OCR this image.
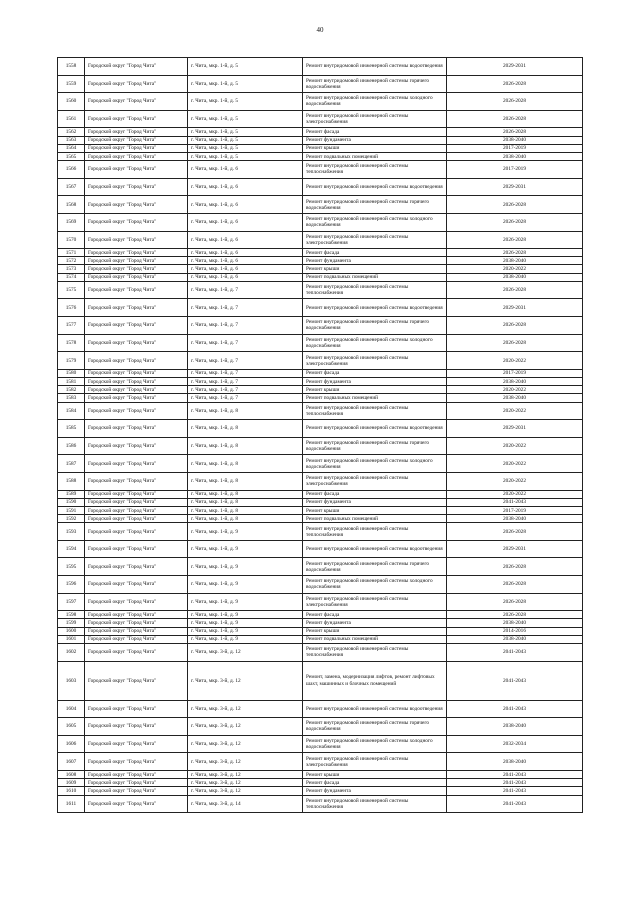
40
1558	Городской округ "Город Чита"	г. Чита, мкр. 1-й, д. 5	Ремонт внутридомовой инженерной системы водоотведения	2029-2031
1559	Городской округ "Город Чита"	г. Чита, мкр. 1-й, д. 5	Ремонт внутридомовой инженерной системы горячего водоснабжения	2026-2028
1560	Городской округ "Город Чита"	г. Чита, мкр. 1-й, д. 5	Ремонт внутридомовой инженерной системы холодного водоснабжения	2026-2028
1561	Городской округ "Город Чита"	г. Чита, мкр. 1-й, д. 5	Ремонт внутридомовой инженерной системы электроснабжения	2026-2028
1562	Городской округ "Город Чита"	г. Чита, мкр. 1-й, д. 5	Ремонт фасада	2026-2028
1563	Городской округ "Город Чита"	г. Чита, мкр. 1-й, д. 5	Ремонт фундамента	2038-2040
1564	Городской округ "Город Чита"	г. Чита, мкр. 1-й, д. 5	Ремонт крыши	2017-2019
1565	Городской округ "Город Чита"	г. Чита, мкр. 1-й, д. 5	Ремонт подвальных помещений	2038-2040
1566	Городской округ "Город Чита"	г. Чита, мкр. 1-й, д. 6	Ремонт внутридомовой инженерной системы теплоснабжения	2017-2019
1567	Городской округ "Город Чита"	г. Чита, мкр. 1-й, д. 6	Ремонт внутридомовой инженерной системы водоотведения	2029-2031
1568	Городской округ "Город Чита"	г. Чита, мкр. 1-й, д. 6	Ремонт внутридомовой инженерной системы горячего водоснабжения	2026-2028
1569	Городской округ "Город Чита"	г. Чита, мкр. 1-й, д. 6	Ремонт внутридомовой инженерной системы холодного водоснабжения	2026-2028
1570	Городской округ "Город Чита"	г. Чита, мкр. 1-й, д. 6	Ремонт внутридомовой инженерной системы электроснабжения	2026-2028
1571	Городской округ "Город Чита"	г. Чита, мкр. 1-й, д. 6	Ремонт фасада	2026-2028
1572	Городской округ "Город Чита"	г. Чита, мкр. 1-й, д. 6	Ремонт фундамента	2038-2040
1573	Городской округ "Город Чита"	г. Чита, мкр. 1-й, д. 6	Ремонт крыши	2020-2022
1574	Городской округ "Город Чита"	г. Чита, мкр. 1-й, д. 6	Ремонт подвальных помещений	2038-2040
1575	Городской округ "Город Чита"	г. Чита, мкр. 1-й, д. 7	Ремонт внутридомовой инженерной системы теплоснабжения	2026-2028
1576	Городской округ "Город Чита"	г. Чита, мкр. 1-й, д. 7	Ремонт внутридомовой инженерной системы водоотведения	2029-2031
1577	Городской округ "Город Чита"	г. Чита, мкр. 1-й, д. 7	Ремонт внутридомовой инженерной системы горячего водоснабжения	2026-2028
1578	Городской округ "Город Чита"	г. Чита, мкр. 1-й, д. 7	Ремонт внутридомовой инженерной системы холодного водоснабжения	2026-2028
1579	Городской округ "Город Чита"	г. Чита, мкр. 1-й, д. 7	Ремонт внутридомовой инженерной системы электроснабжения	2020-2022
1580	Городской округ "Город Чита"	г. Чита, мкр. 1-й, д. 7	Ремонт фасада	2017-2019
1581	Городской округ "Город Чита"	г. Чита, мкр. 1-й, д. 7	Ремонт фундамента	2038-2040
1582	Городской округ "Город Чита"	г. Чита, мкр. 1-й, д. 7	Ремонт крыши	2020-2022
1583	Городской округ "Город Чита"	г. Чита, мкр. 1-й, д. 7	Ремонт подвальных помещений	2038-2040
1584	Городской округ "Город Чита"	г. Чита, мкр. 1-й, д. 8	Ремонт внутридомовой инженерной системы теплоснабжения	2020-2022
1585	Городской округ "Город Чита"	г. Чита, мкр. 1-й, д. 8	Ремонт внутридомовой инженерной системы водоотведения	2029-2031
1586	Городской округ "Город Чита"	г. Чита, мкр. 1-й, д. 8	Ремонт внутридомовой инженерной системы горячего водоснабжения	2020-2022
1587	Городской округ "Город Чита"	г. Чита, мкр. 1-й, д. 8	Ремонт внутридомовой инженерной системы холодного водоснабжения	2020-2022
1588	Городской округ "Город Чита"	г. Чита, мкр. 1-й, д. 8	Ремонт внутридомовой инженерной системы электроснабжения	2020-2022
1589	Городской округ "Город Чита"	г. Чита, мкр. 1-й, д. 8	Ремонт фасада	2020-2022
1590	Городской округ "Город Чита"	г. Чита, мкр. 1-й, д. 8	Ремонт фундамента	2041-2043
1591	Городской округ "Город Чита"	г. Чита, мкр. 1-й, д. 8	Ремонт крыши	2017-2019
1592	Городской округ "Город Чита"	г. Чита, мкр. 1-й, д. 8	Ремонт подвальных помещений	2038-2040
1593	Городской округ "Город Чита"	г. Чита, мкр. 1-й, д. 9	Ремонт внутридомовой инженерной системы теплоснабжения	2026-2028
1594	Городской округ "Город Чита"	г. Чита, мкр. 1-й, д. 9	Ремонт внутридомовой инженерной системы водоотведения	2029-2031
1595	Городской округ "Город Чита"	г. Чита, мкр. 1-й, д. 9	Ремонт внутридомовой инженерной системы горячего водоснабжения	2026-2028
1596	Городской округ "Город Чита"	г. Чита, мкр. 1-й, д. 9	Ремонт внутридомовой инженерной системы холодного водоснабжения	2026-2028
1597	Городской округ "Город Чита"	г. Чита, мкр. 1-й, д. 9	Ремонт внутридомовой инженерной системы электроснабжения	2026-2028
1598	Городской округ "Город Чита"	г. Чита, мкр. 1-й, д. 9	Ремонт фасада	2026-2028
1599	Городской округ "Город Чита"	г. Чита, мкр. 1-й, д. 9	Ремонт фундамента	2038-2040
1600	Городской округ "Город Чита"	г. Чита, мкр. 1-й, д. 9	Ремонт крыши	2014-2016
1601	Городской округ "Город Чита"	г. Чита, мкр. 1-й, д. 9	Ремонт подвальных помещений	2038-2040
1602	Городской округ "Город Чита"	г. Чита, мкр. 3-й, д. 12	Ремонт внутридомовой инженерной системы теплоснабжения	2041-2043
1603	Городской округ "Город Чита"	г. Чита, мкр. 3-й, д. 12	Ремонт, замена, модернизация лифтов, ремонт лифтовых шахт, машинных и блочных помещений	2041-2043
1604	Городской округ "Город Чита"	г. Чита, мкр. 3-й, д. 12	Ремонт внутридомовой инженерной системы водоотведения	2041-2043
1605	Городской округ "Город Чита"	г. Чита, мкр. 3-й, д. 12	Ремонт внутридомовой инженерной системы горячего водоснабжения	2038-2040
1606	Городской округ "Город Чита"	г. Чита, мкр. 3-й, д. 12	Ремонт внутридомовой инженерной системы холодного водоснабжения	2032-2034
1607	Городской округ "Город Чита"	г. Чита, мкр. 3-й, д. 12	Ремонт внутридомовой инженерной системы электроснабжения	2038-2040
1608	Городской округ "Город Чита"	г. Чита, мкр. 3-й, д. 12	Ремонт крыши	2041-2043
1609	Городской округ "Город Чита"	г. Чита, мкр. 3-й, д. 12	Ремонт фасада	2041-2043
1610	Городской округ "Город Чита"	г. Чита, мкр. 3-й, д. 12	Ремонт фундамента	2041-2043
1611	Городской округ "Город Чита"	г. Чита, мкр. 3-й, д. 14	Ремонт внутридомовой инженерной системы теплоснабжения	2041-2043
